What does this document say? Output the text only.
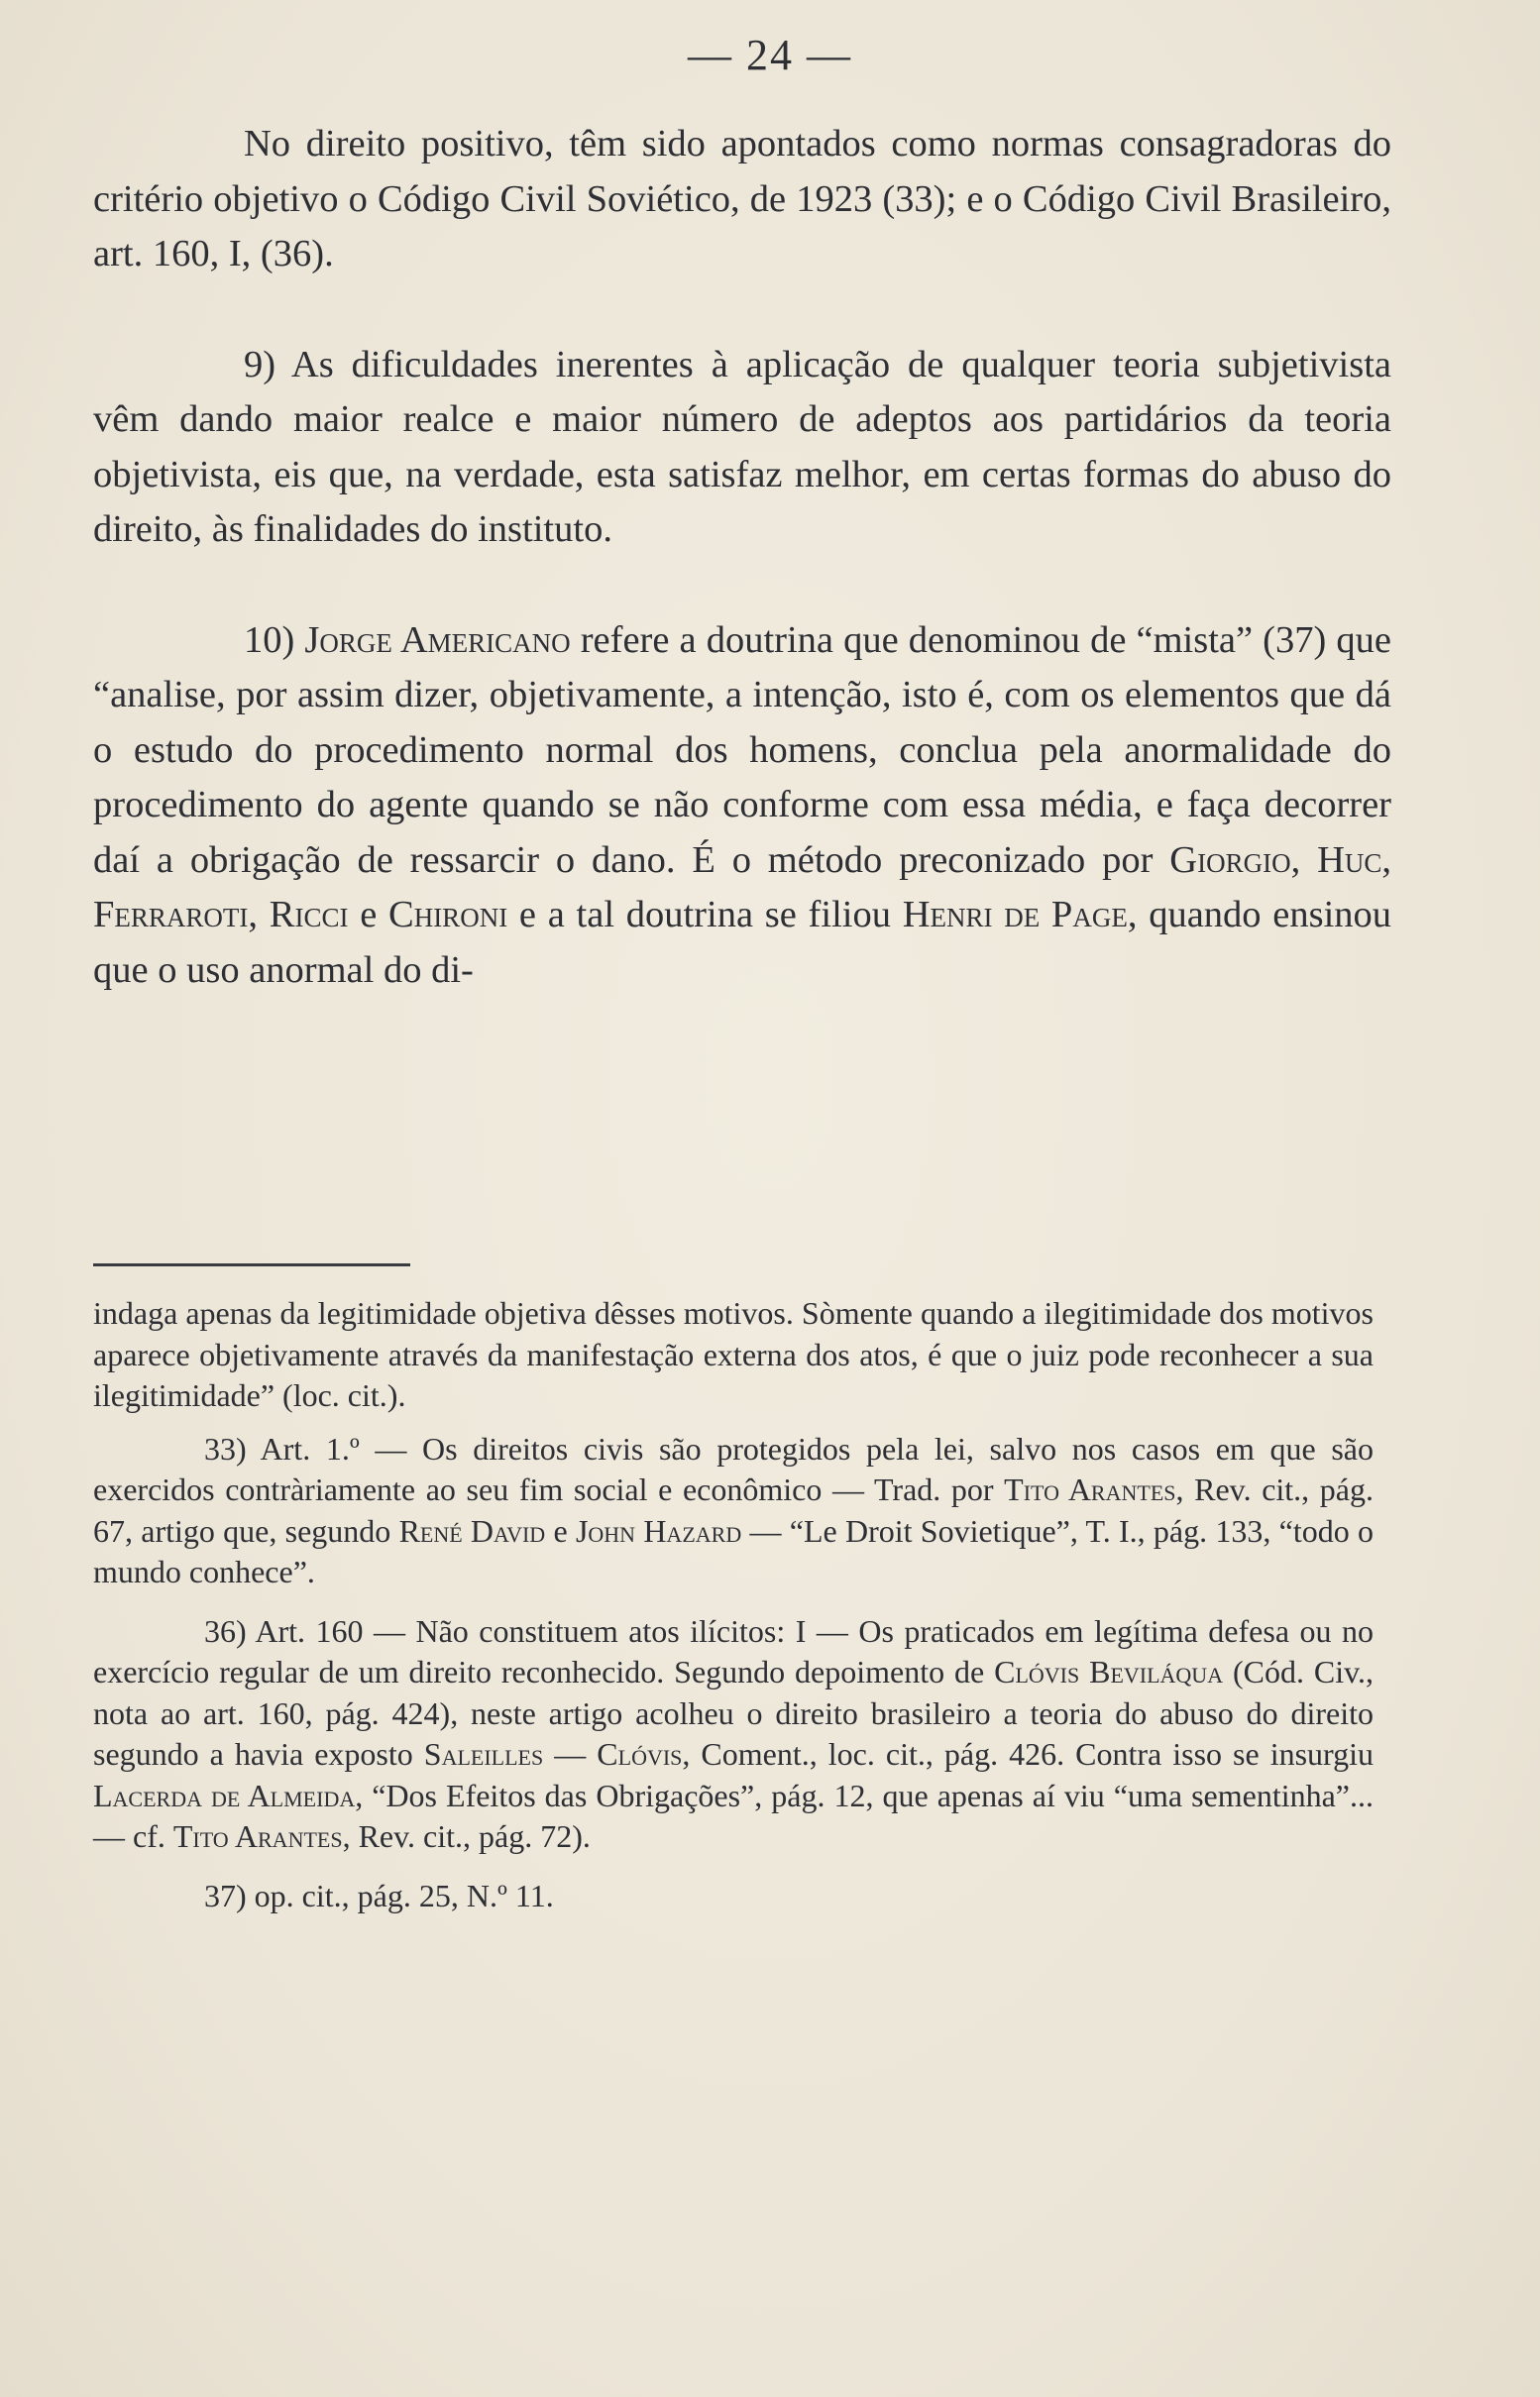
— 24 —

No direito positivo, têm sido apontados como normas consagradoras do critério objetivo o Código Civil Soviético, de 1923 (33); e o Código Civil Brasileiro, art. 160, I, (36).

9) As dificuldades inerentes à aplicação de qualquer teoria subjetivista vêm dando maior realce e maior número de adeptos aos partidários da teoria objetivista, eis que, na verdade, esta satisfaz melhor, em certas formas do abuso do direito, às finalidades do instituto.

10) Jorge Americano refere a doutrina que denominou de “mista” (37) que “analise, por assim dizer, objetivamente, a intenção, isto é, com os elementos que dá o estudo do procedimento normal dos homens, conclua pela anormalidade do procedimento do agente quando se não conforme com essa média, e faça decorrer daí a obrigação de ressarcir o dano. É o método preconizado por Giorgio, Huc, Ferraroti, Ricci e Chironi e a tal doutrina se filiou Henri de Page, quando ensinou que o uso anormal do di-

indaga apenas da legitimidade objetiva dêsses motivos. Sòmente quando a ilegitimidade dos motivos aparece objetivamente através da manifestação externa dos atos, é que o juiz pode reconhecer a sua ilegitimidade” (loc. cit.).

33) Art. 1.º — Os direitos civis são protegidos pela lei, salvo nos casos em que são exercidos contràriamente ao seu fim social e econômico — Trad. por Tito Arantes, Rev. cit., pág. 67, artigo que, segundo René David e John Hazard — “Le Droit Sovietique”, T. I., pág. 133, “todo o mundo conhece”.

36) Art. 160 — Não constituem atos ilícitos: I — Os praticados em legítima defesa ou no exercício regular de um direito reconhecido. Segundo depoimento de Clóvis Beviláqua (Cód. Civ., nota ao art. 160, pág. 424), neste artigo acolheu o direito brasileiro a teoria do abuso do direito segundo a havia exposto Saleilles — Clóvis, Coment., loc. cit., pág. 426. Contra isso se insurgiu Lacerda de Almeida, “Dos Efeitos das Obrigações”, pág. 12, que apenas aí viu “uma sementinha”... — cf. Tito Arantes, Rev. cit., pág. 72).

37) op. cit., pág. 25, N.º 11.
